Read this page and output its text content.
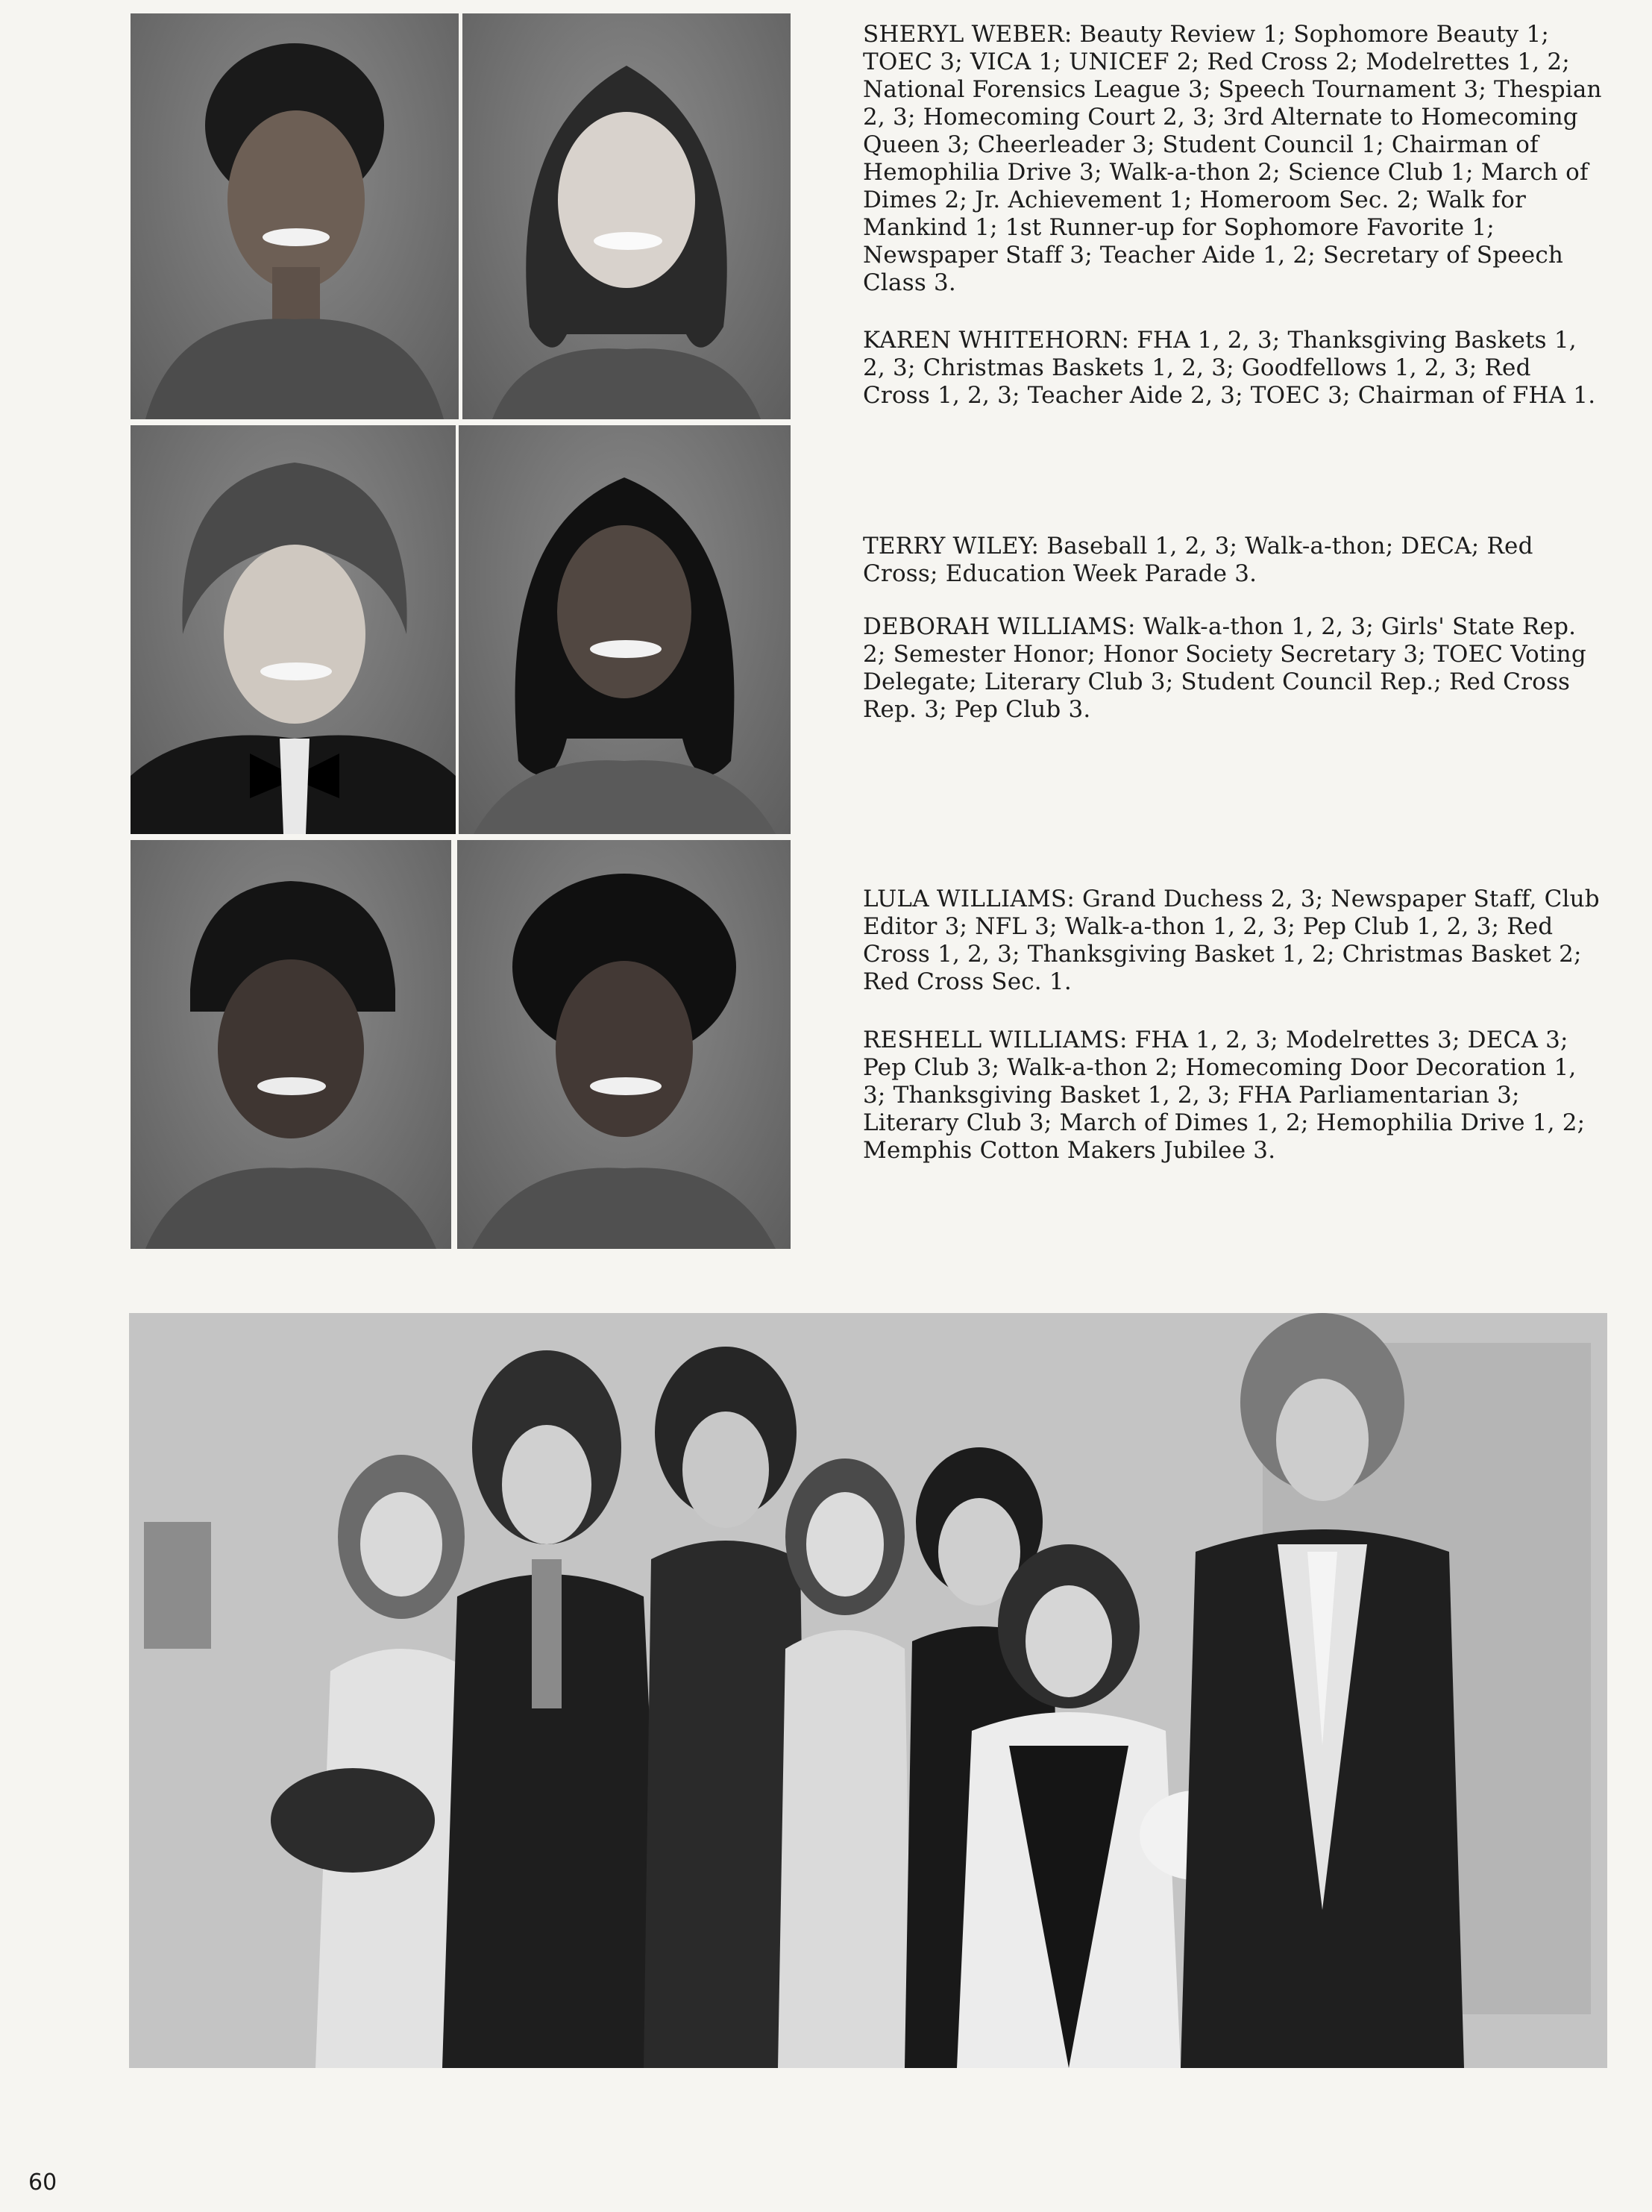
SHERYL WEBER: Beauty Review 1; Sophomore Beauty 1; TOEC 3; VICA 1; UNICEF 2; Red Cross 2; Modelrettes 1, 2; National Forensics League 3; Speech Tournament 3; Thespian 2, 3; Homecoming Court 2, 3; 3rd Alternate to Homecoming Queen 3; Cheerleader 3; Student Council 1; Chairman of Hemophilia Drive 3; Walk-a-thon 2; Science Club 1; March of Dimes 2; Jr. Achievement 1; Homeroom Sec. 2; Walk for Mankind 1; 1st Runner-up for Sophomore Favorite 1; Newspaper Staff 3; Teacher Aide 1, 2; Secretary of Speech Class 3.

KAREN WHITEHORN: FHA 1, 2, 3; Thanksgiving Baskets 1, 2, 3; Christmas Baskets 1, 2, 3; Goodfellows 1, 2, 3; Red Cross 1, 2, 3; Teacher Aide 2, 3; TOEC 3; Chairman of FHA 1.

TERRY WILEY: Baseball 1, 2, 3; Walk-a-thon; DECA; Red Cross; Education Week Parade 3.

DEBORAH WILLIAMS: Walk-a-thon 1, 2, 3; Girls' State Rep. 2; Semester Honor; Honor Society Secretary 3; TOEC Voting Delegate; Literary Club 3; Student Council Rep.; Red Cross Rep. 3; Pep Club 3.

LULA WILLIAMS: Grand Duchess 2, 3; Newspaper Staff, Club Editor 3; NFL 3; Walk-a-thon 1, 2, 3; Pep Club 1, 2, 3; Red Cross 1, 2, 3; Thanksgiving Basket 1, 2; Christmas Basket 2; Red Cross Sec. 1.

RESHELL WILLIAMS: FHA 1, 2, 3; Modelrettes 3; DECA 3; Pep Club 3; Walk-a-thon 2; Homecoming Door Decoration 1, 3; Thanksgiving Basket 1, 2, 3; FHA Parliamentarian 3; Literary Club 3; March of Dimes 1, 2; Hemophilia Drive 1, 2; Memphis Cotton Makers Jubilee 3.

60
